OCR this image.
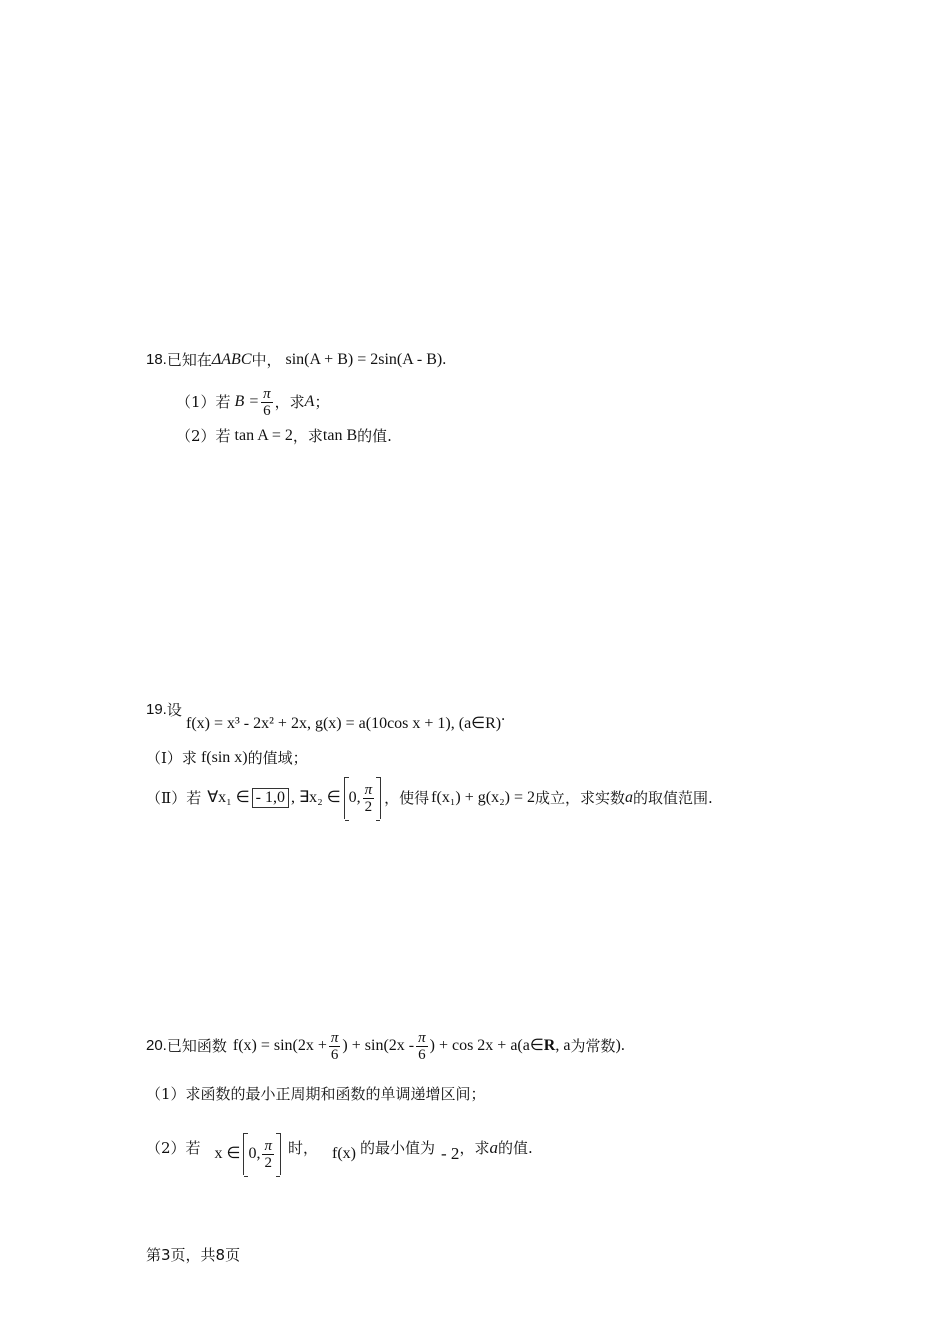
18. 已知在 ΔABC 中， sin(A + B) = 2sin(A - B) .
（1）若 $B = \frac{\pi}{6}$ ，求 A ；
（2）若 tan A = 2 ，求 tan B 的值.
19. 设
f(x) = x³ - 2x² + 2x, g(x) = a(10cos x + 1), (a∈R) .
（Ⅰ）求 f(sin x) 的值域；
（Ⅱ）若 ∀x₁ ∈ - 1,0 , ∃x₂ ∈ 0, $\frac{\pi}{2}$ ，使得 f(x₁) + g(x₂) = 2 成立，求实数 a 的取值范围.
20. 已知函数 $f(x) = \sin(2x + \frac{\pi}{6}$ ) + $\sin(2x - \frac{\pi}{6}$ ) + cos 2x + a(a∈ R , a 为常数 ).
（1）求函数的最小正周期和函数的单调递增区间；
（2）若 x ∈ 0, $\frac{\pi}{2}$ 时， f(x) 的最小值为 - 2 ，求 a 的值.
第3页，共8页
